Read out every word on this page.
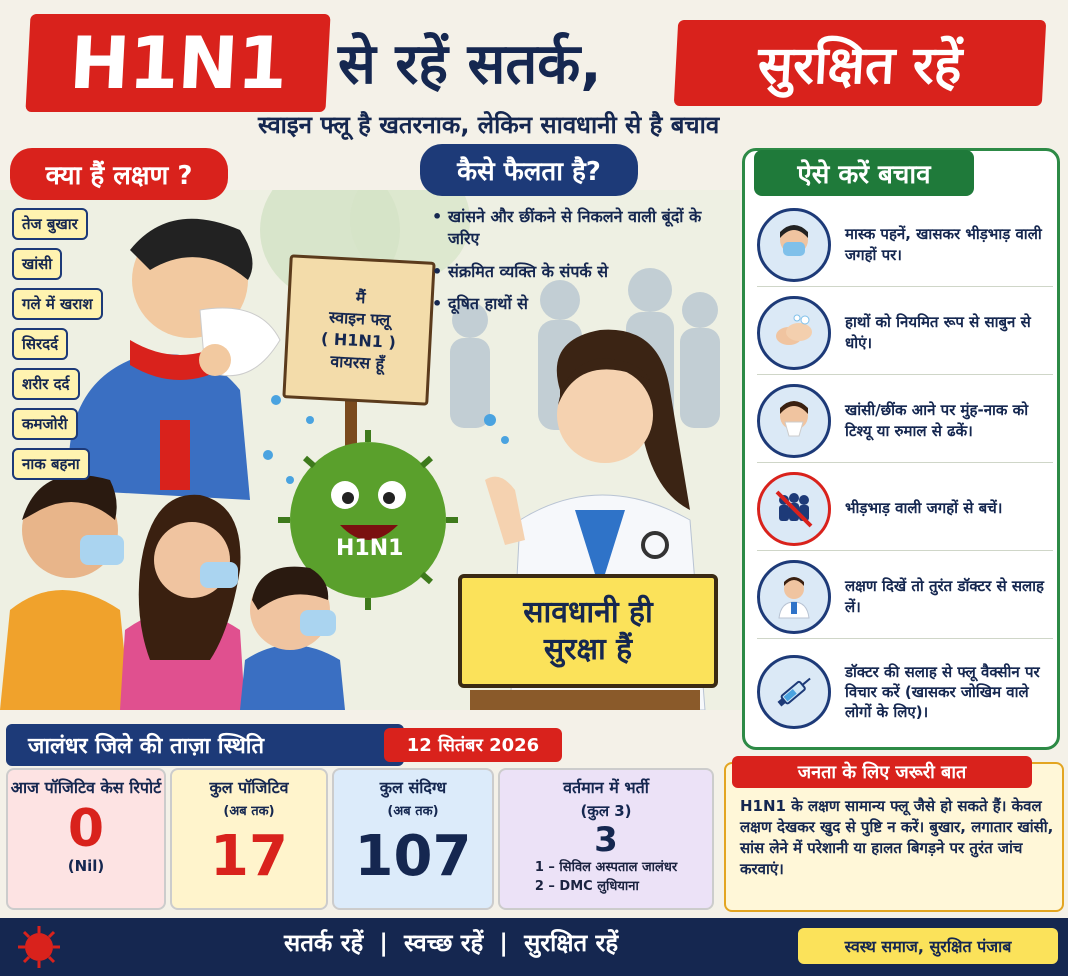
H1N1 से रहें सतर्क,	सुरक्षित रहें
स्वाइन फ्लू है खतरनाक, लेकिन सावधानी से है बचाव
मैं
स्वाइन फ्लू
( H1N1 )
वायरस हूँ
H1N1
सावधानी ही
सुरक्षा हैं
क्या हैं लक्षण ?
तेज बुखार
खांसी
गले में खराश
सिरदर्द
शरीर दर्द
कमजोरी
नाक बहना
कैसे फैलता है?
• खांसने और छींकने से निकलने वाली बूंदों के जरिए
• संक्रमित व्यक्ति के संपर्क से
• दूषित हाथों से
मास्क पहनें, खासकर भीड़भाड़ वाली जगहों पर।
हाथों को नियमित रूप से साबुन से धोएं।
खांसी/छींक आने पर मुंह-नाक को टिश्यू या रुमाल से ढकें।
भीड़भाड़ वाली जगहों से बचें।
लक्षण दिखें तो तुरंत डॉक्टर से सलाह लें।
डॉक्टर की सलाह से फ्लू वैक्सीन पर विचार करें (खासकर जोखिम वाले लोगों के लिए)।
ऐसे करें बचाव
जालंधर जिले की ताज़ा स्थिति	12 सितंबर 2026
आज पॉजिटिव केस रिपोर्ट
0
(Nil)
कुल पॉजिटिव
(अब तक)
17
कुल संदिग्ध
(अब तक)
107
वर्तमान में भर्ती
(कुल 3)
3
1 – सिविल अस्पताल जालंधर
2 – DMC लुधियाना
जनता के लिए जरूरी बात
H1N1 के लक्षण सामान्य फ्लू जैसे हो सकते हैं। केवल लक्षण देखकर खुद से पुष्टि न करें। बुखार, लगातार खांसी, सांस लेने में परेशानी या हालत बिगड़ने पर तुरंत जांच करवाएं।
सतर्क रहें | स्वच्छ रहें | सुरक्षित रहें	स्वस्थ समाज, सुरक्षित पंजाब
